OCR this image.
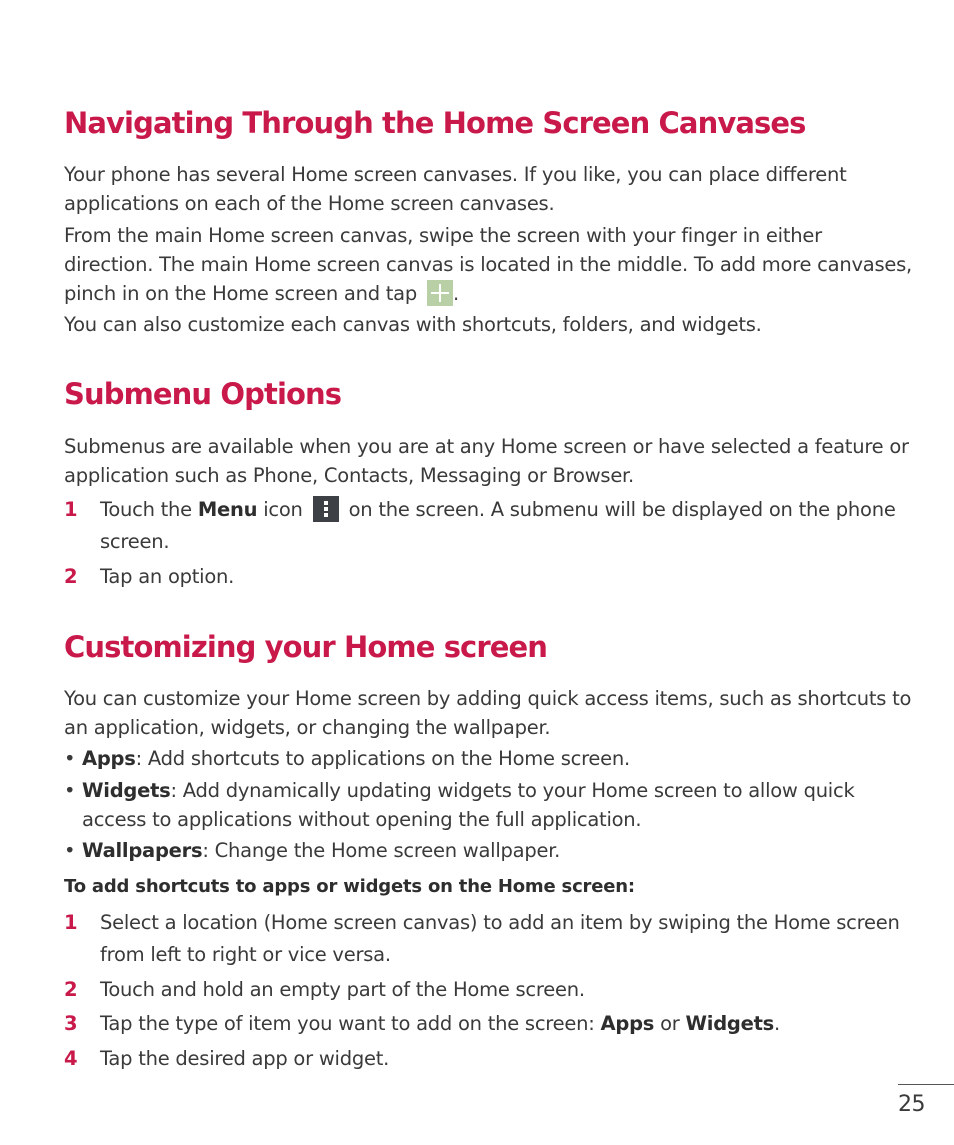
Navigating Through the Home Screen Canvases

Your phone has several Home screen canvases. If you like, you can place different applications on each of the Home screen canvases.

From the main Home screen canvas, swipe the screen with your finger in either direction. The main Home screen canvas is located in the middle. To add more canvases, pinch in on the Home screen and tap .

You can also customize each canvas with shortcuts, folders, and widgets.

Submenu Options

Submenus are available when you are at any Home screen or have selected a feature or application such as Phone, Contacts, Messaging or Browser.

1 Touch the Menu icon on the screen. A submenu will be displayed on the phone screen.
2 Tap an option.
Customizing your Home screen

You can customize your Home screen by adding quick access items, such as shortcuts to an application, widgets, or changing the wallpaper.

• Apps: Add shortcuts to applications on the Home screen.
• Widgets: Add dynamically updating widgets to your Home screen to allow quick access to applications without opening the full application.
• Wallpapers: Change the Home screen wallpaper.
To add shortcuts to apps or widgets on the Home screen:
1 Select a location (Home screen canvas) to add an item by swiping the Home screen from left to right or vice versa.
2 Touch and hold an empty part of the Home screen.
3 Tap the type of item you want to add on the screen: Apps or Widgets.
4 Tap the desired app or widget.
25
